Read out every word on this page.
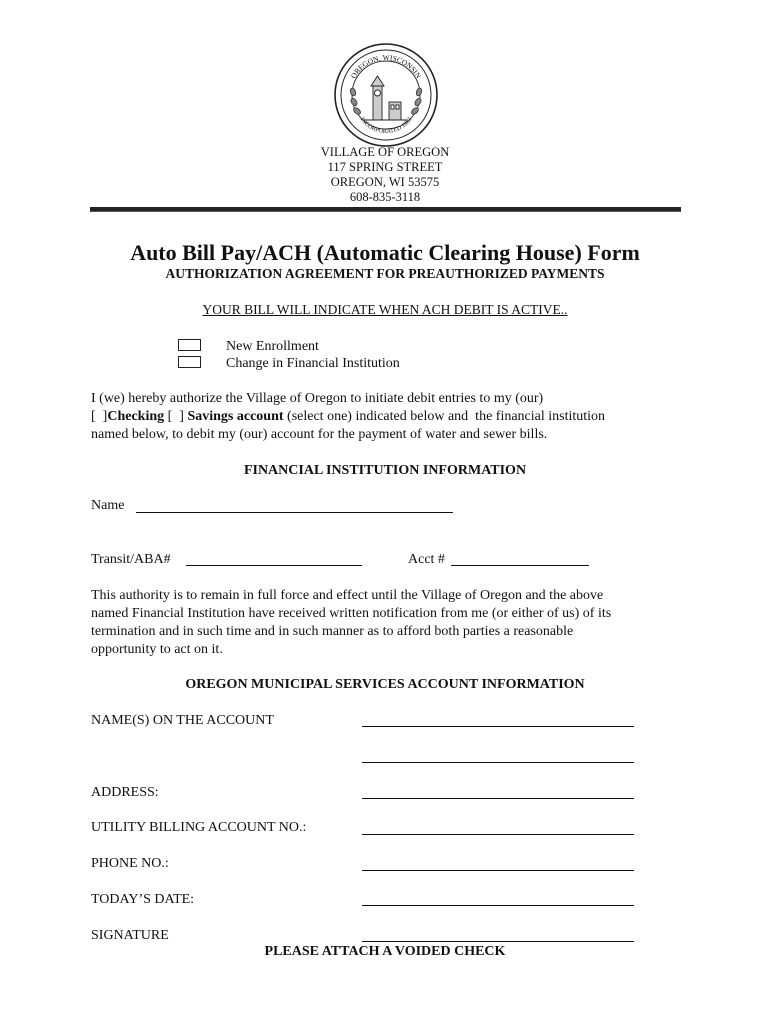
OREGON, WISCONSIN
INCORPORATED 1883
VILLAGE OF OREGON
117 SPRING STREET
OREGON, WI 53575
608-835-3118
Auto Bill Pay/ACH (Automatic Clearing House) Form
AUTHORIZATION AGREEMENT FOR PREAUTHORIZED PAYMENTS
YOUR BILL WILL INDICATE WHEN ACH DEBIT IS ACTIVE..
New Enrollment
Change in Financial Institution
I (we) hereby authorize the Village of Oregon to initiate debit entries to my (our)
[  ]Checking [  ] Savings account (select one) indicated below and  the financial institution
named below, to debit my (our) account for the payment of water and sewer bills.
FINANCIAL INSTITUTION INFORMATION
Name
Transit/ABA#	Acct #
This authority is to remain in full force and effect until the Village of Oregon and the above
named Financial Institution have received written notification from me (or either of us) of its
termination and in such time and in such manner as to afford both parties a reasonable
opportunity to act on it.
OREGON MUNICIPAL SERVICES ACCOUNT INFORMATION
NAME(S) ON THE ACCOUNT
ADDRESS:
UTILITY BILLING ACCOUNT NO.:
PHONE NO.:
TODAY’S DATE:
SIGNATURE
PLEASE ATTACH A VOIDED CHECK
